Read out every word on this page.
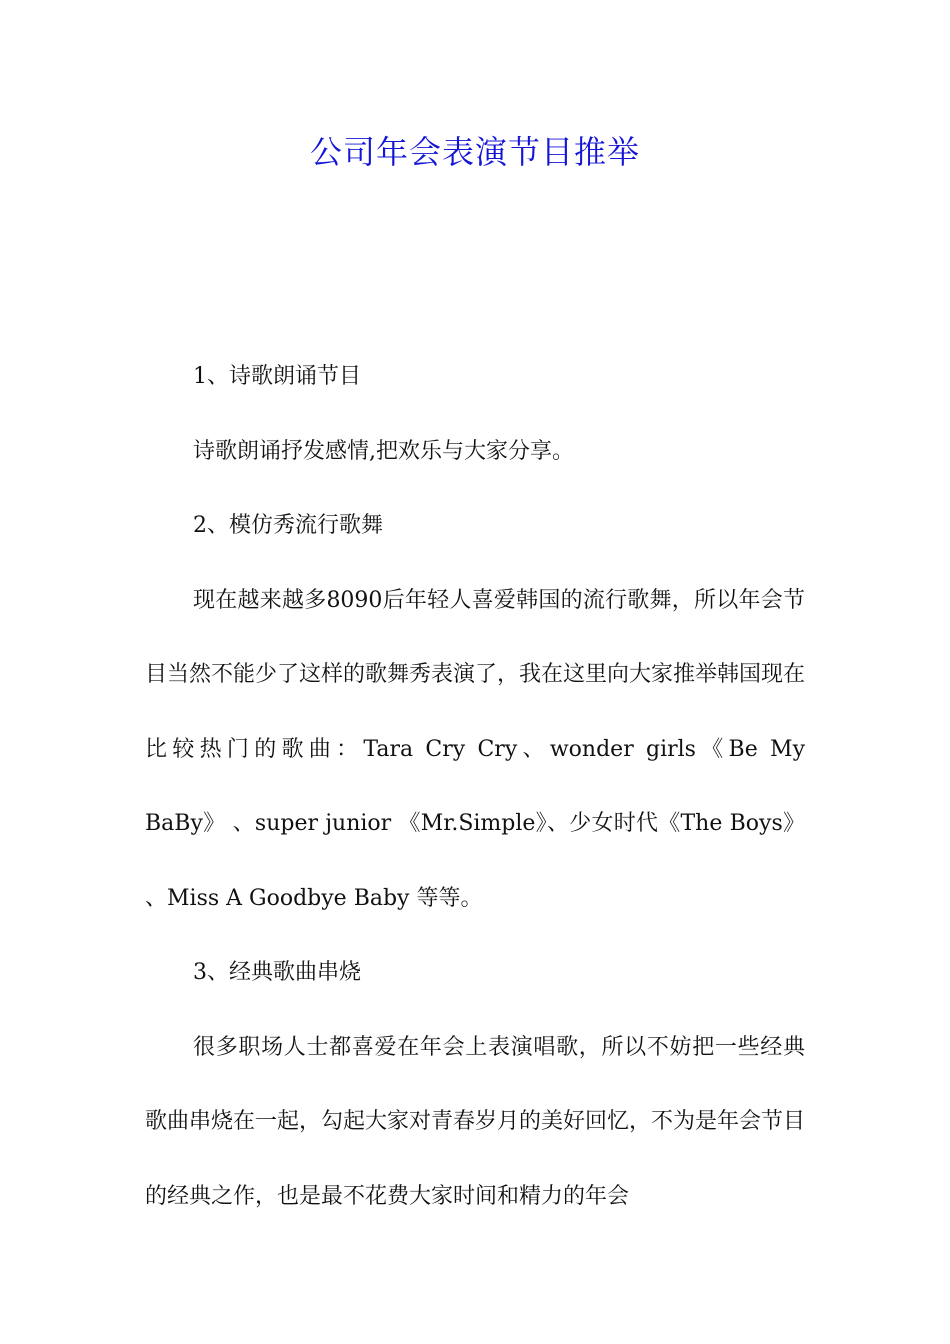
公司年会表演节目推举

1、诗歌朗诵节目

诗歌朗诵抒发感情,把欢乐与大家分享。

2、模仿秀流行歌舞

现在越来越多8090后年轻人喜爱韩国的流行歌舞，所以年会节目当然不能少了这样的歌舞秀表演了，我在这里向大家推举韩国现在比较热门的歌曲：Tara Cry Cry、wonder girls《Be My BaBy》 、super junior 《Mr.Simple》、少女时代《The Boys》 、Miss A Goodbye Baby 等等。

3、经典歌曲串烧

很多职场人士都喜爱在年会上表演唱歌，所以不妨把一些经典歌曲串烧在一起，勾起大家对青春岁月的美好回忆，不为是年会节目的经典之作，也是最不花费大家时间和精力的年会
